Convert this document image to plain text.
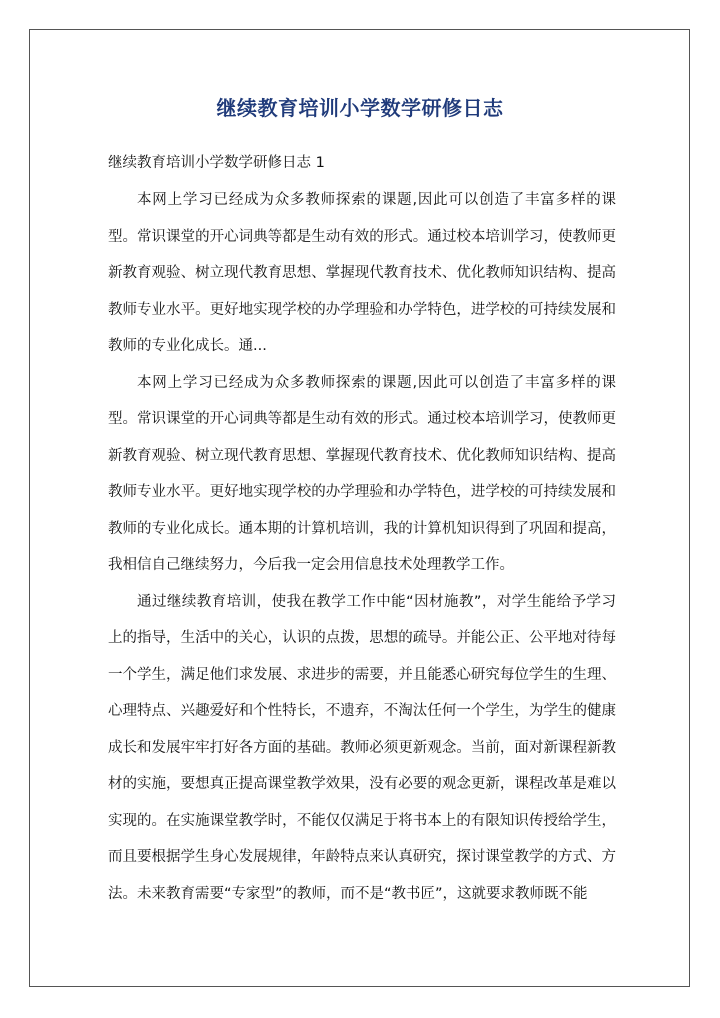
继续教育培训小学数学研修日志

继续教育培训小学数学研修日志 1

本网上学习已经成为众多教师探索的课题,因此可以创造了丰富多样的课型。常识课堂的开心词典等都是生动有效的形式。通过校本培训学习，使教师更新教育观验、树立现代教育思想、掌握现代教育技术、优化教师知识结构、提高教师专业水平。更好地实现学校的办学理验和办学特色，进学校的可持续发展和教师的专业化成长。通...

本网上学习已经成为众多教师探索的课题,因此可以创造了丰富多样的课型。常识课堂的开心词典等都是生动有效的形式。通过校本培训学习，使教师更新教育观验、树立现代教育思想、掌握现代教育技术、优化教师知识结构、提高教师专业水平。更好地实现学校的办学理验和办学特色，进学校的可持续发展和教师的专业化成长。通本期的计算机培训，我的计算机知识得到了巩固和提高，我相信自己继续努力，今后我一定会用信息技术处理教学工作。

通过继续教育培训，使我在教学工作中能“因材施教”，对学生能给予学习上的指导，生活中的关心，认识的点拨，思想的疏导。并能公正、公平地对待每一个学生，满足他们求发展、求进步的需要，并且能悉心研究每位学生的生理、心理特点、兴趣爱好和个性特长，不遗弃，不淘汰任何一个学生，为学生的健康成长和发展牢牢打好各方面的基础。教师必须更新观念。当前，面对新课程新教材的实施，要想真正提高课堂教学效果，没有必要的观念更新，课程改革是难以实现的。在实施课堂教学时，不能仅仅满足于将书本上的有限知识传授给学生，而且要根据学生身心发展规律，年龄特点来认真研究，探讨课堂教学的方式、方法。未来教育需要“专家型”的教师，而不是“教书匠”，这就要求教师既不能
